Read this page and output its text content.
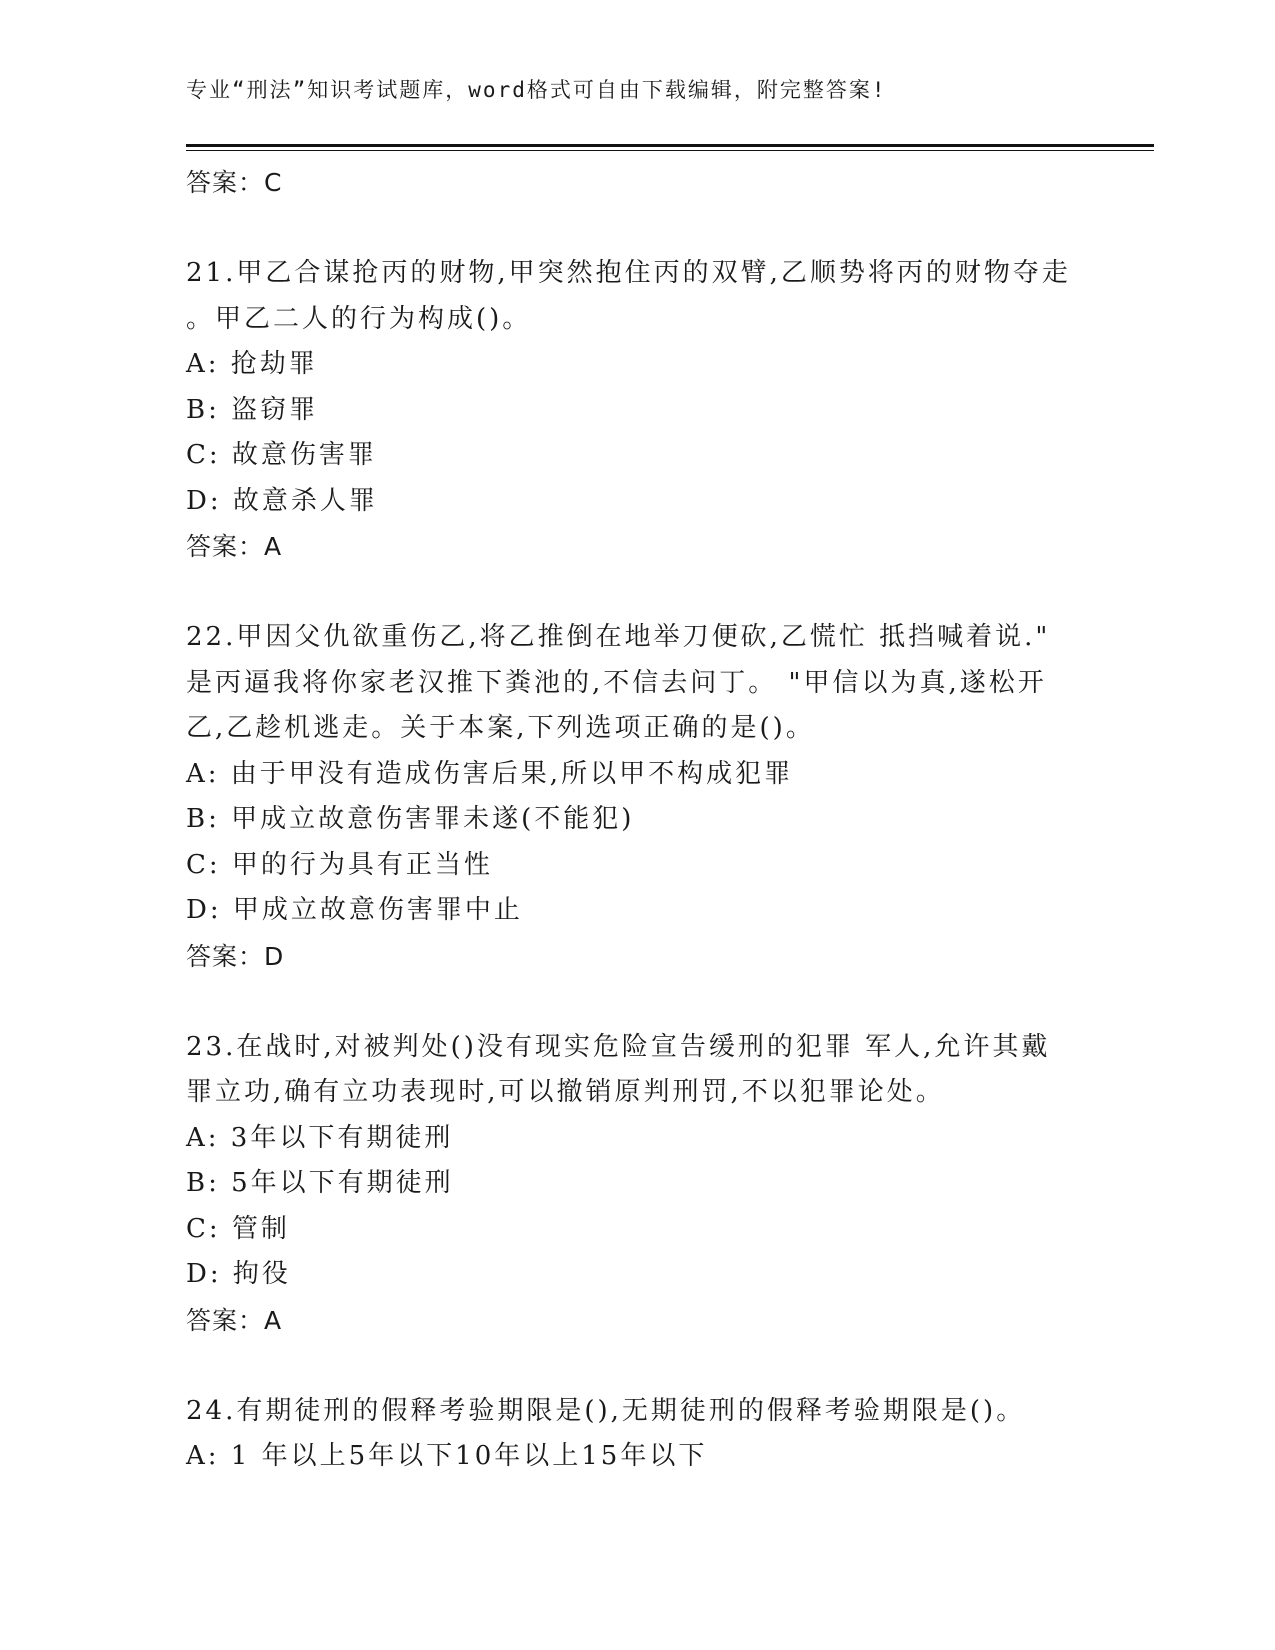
专业“刑法”知识考试题库，word格式可自由下载编辑，附完整答案!
答案：C
21.甲乙合谋抢丙的财物,甲突然抱住丙的双臂,乙顺势将丙的财物夺走
。甲乙二人的行为构成()。
A: 抢劫罪
B: 盗窃罪
C: 故意伤害罪
D: 故意杀人罪
答案：A
22.甲因父仇欲重伤乙,将乙推倒在地举刀便砍,乙慌忙 抵挡喊着说."
是丙逼我将你家老汉推下粪池的,不信去问丁。 "甲信以为真,遂松开
乙,乙趁机逃走。关于本案,下列选项正确的是()。
A: 由于甲没有造成伤害后果,所以甲不构成犯罪
B: 甲成立故意伤害罪未遂(不能犯)
C: 甲的行为具有正当性
D: 甲成立故意伤害罪中止
答案：D
23.在战时,对被判处()没有现实危险宣告缓刑的犯罪 军人,允许其戴
罪立功,确有立功表现时,可以撤销原判刑罚,不以犯罪论处。
A: 3年以下有期徒刑
B: 5年以下有期徒刑
C: 管制
D: 拘役
答案：A
24.有期徒刑的假释考验期限是(),无期徒刑的假释考验期限是()。
A: 1 年以上5年以下10年以上15年以下
